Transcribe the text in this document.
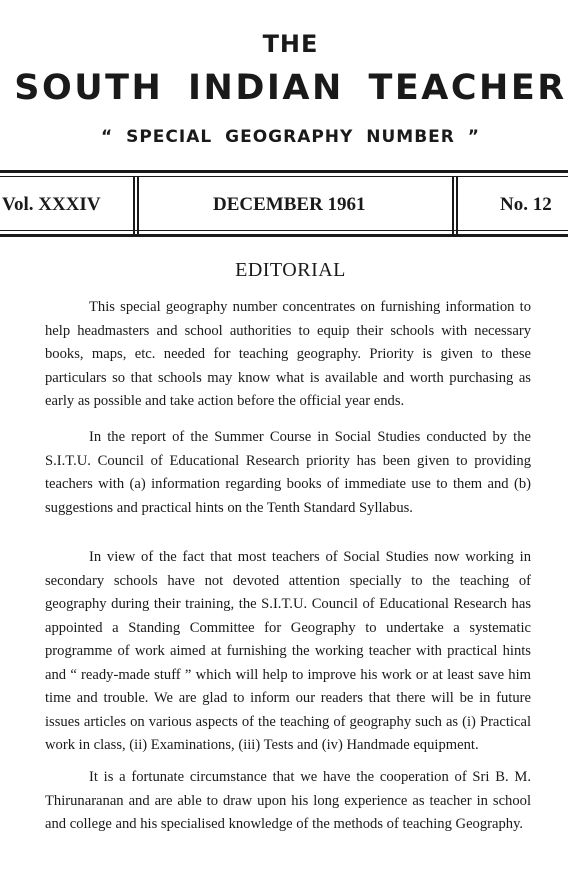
THE
SOUTH INDIAN TEACHER
“ SPECIAL GEOGRAPHY NUMBER ”
Vol. XXXIV	DECEMBER 1961	No. 12
EDITORIAL

This special geography number concentrates on furnishing information to help headmasters and school authorities to equip their schools with necessary books, maps, etc. needed for teaching geography. Priority is given to these particulars so that schools may know what is available and worth purchasing as early as possible and take action before the official year ends.

In the report of the Summer Course in Social Studies conducted by the S.I.T.U. Council of Educational Research priority has been given to providing teachers with (a) information regarding books of immediate use to them and (b) suggestions and practical hints on the Tenth Standard Syllabus.

In view of the fact that most teachers of Social Studies now working in secondary schools have not devoted attention specially to the teaching of geography during their training, the S.I.T.U. Council of Educational Research has appointed a Standing Committee for Geography to undertake a systematic programme of work aimed at furnishing the working teacher with practical hints and “ ready-made stuff ” which will help to improve his work or at least save him time and trouble. We are glad to inform our readers that there will be in future issues articles on various aspects of the teaching of geography such as (i) Practical work in class, (ii) Examinations, (iii) Tests and (iv) Handmade equipment.

It is a fortunate circumstance that we have the cooperation of Sri B. M. Thirunaranan and are able to draw upon his long experience as teacher in school and college and his specialised knowledge of the methods of teaching Geography.
